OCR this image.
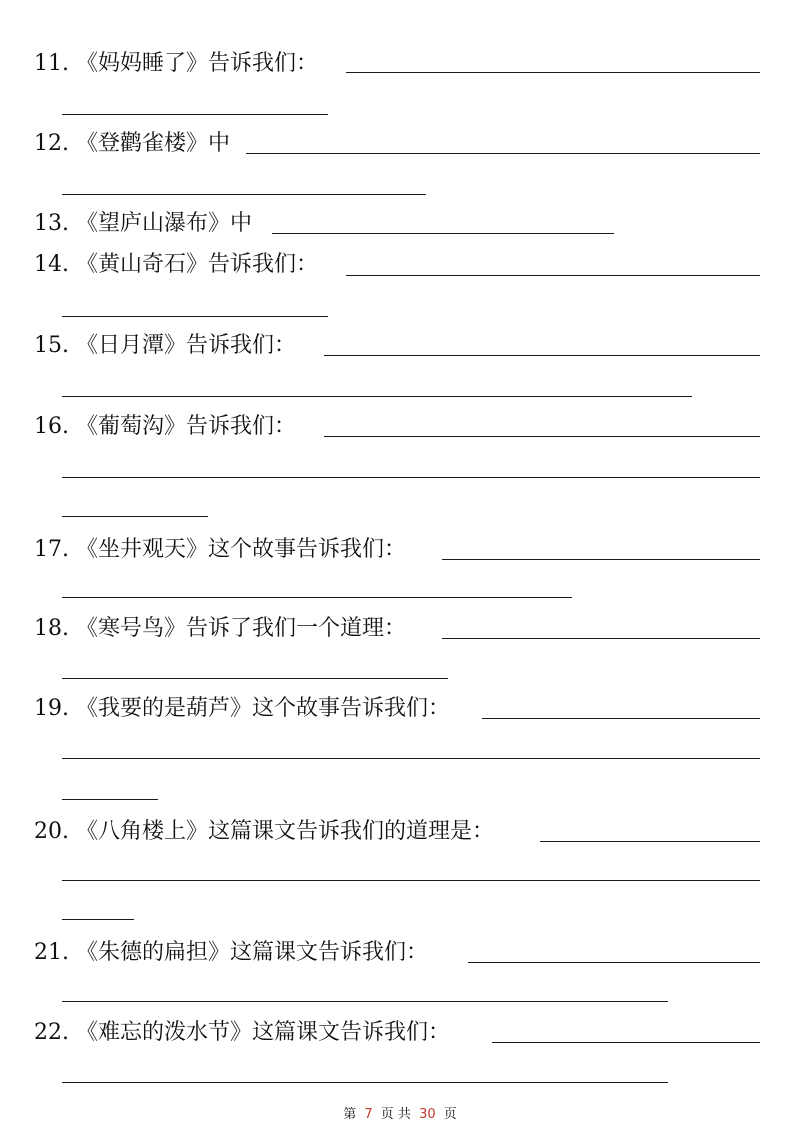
11. 《妈妈睡了》告诉我们：
12. 《登鹳雀楼》中
13. 《望庐山瀑布》中
14. 《黄山奇石》告诉我们：
15. 《日月潭》告诉我们：
16. 《葡萄沟》告诉我们：
17. 《坐井观天》这个故事告诉我们：
18. 《寒号鸟》告诉了我们一个道理：
19. 《我要的是葫芦》这个故事告诉我们：
20. 《八角楼上》这篇课文告诉我们的道理是：
21. 《朱德的扁担》这篇课文告诉我们：
22. 《难忘的泼水节》这篇课文告诉我们：
第 7 页 共 30 页
